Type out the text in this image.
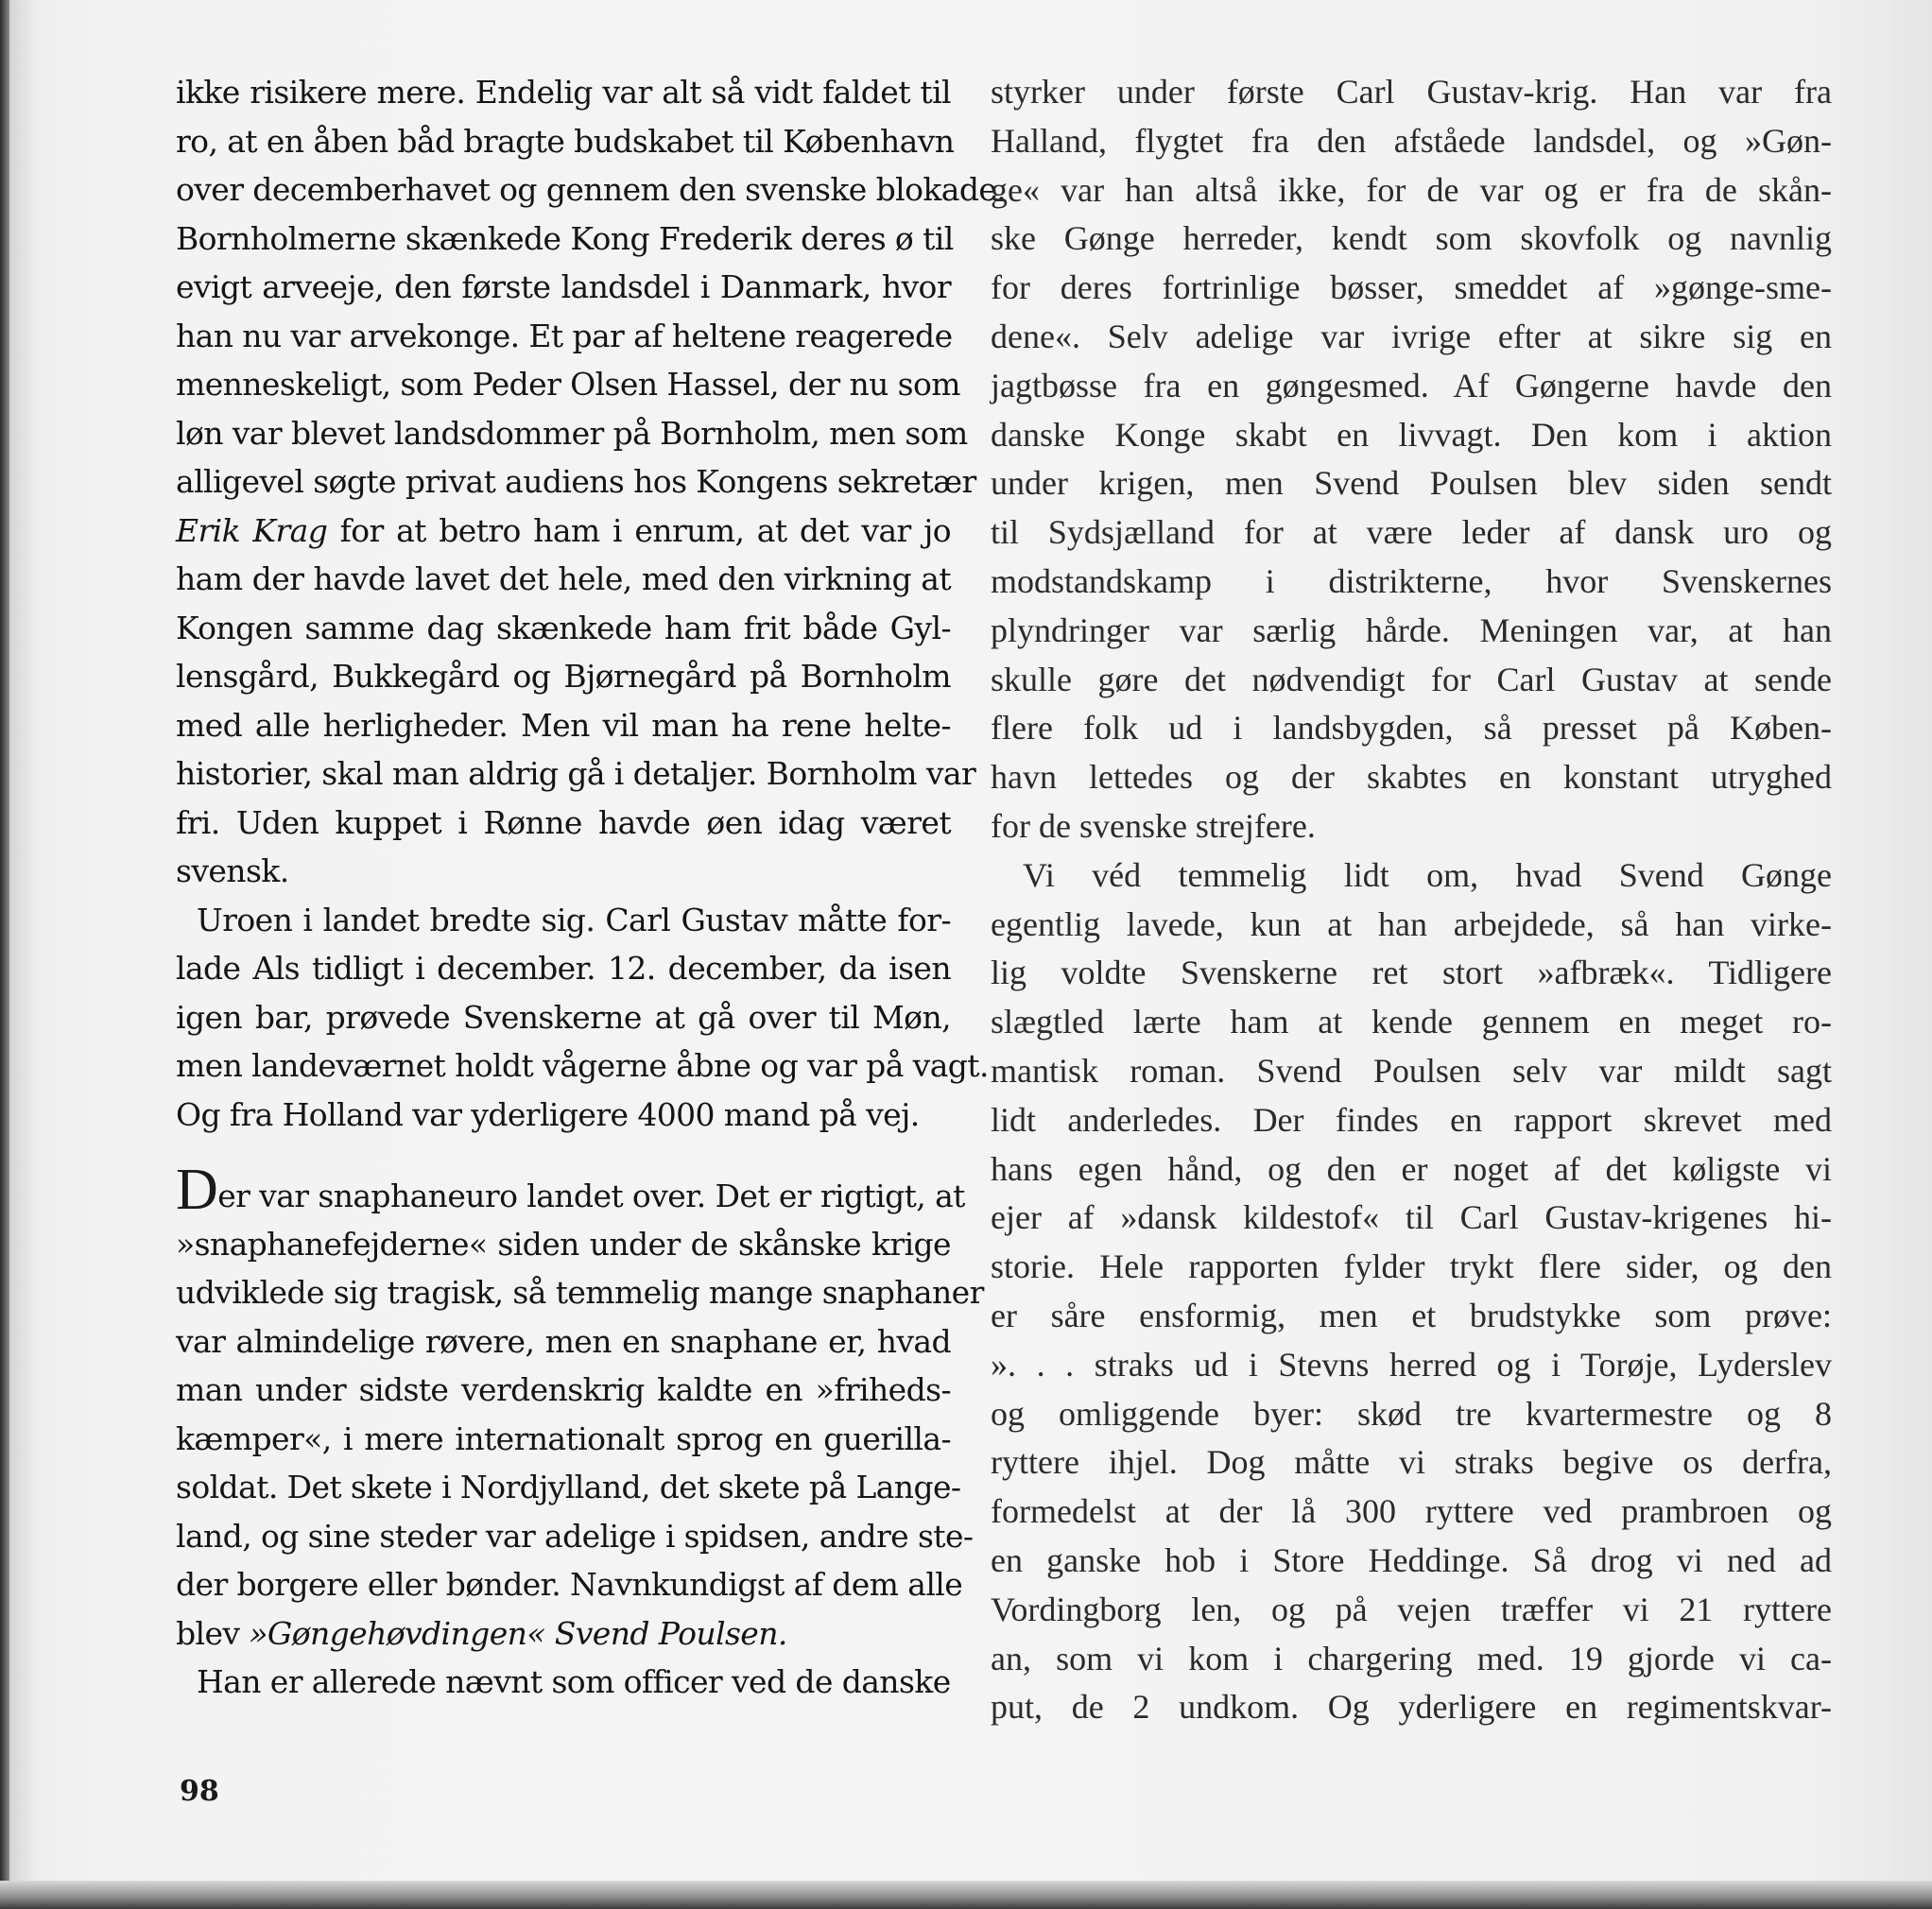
ikke risikere mere. Endelig var alt så vidt faldet til
ro, at en åben båd bragte budskabet til København
over decemberhavet og gennem den svenske blokade.
Bornholmerne skænkede Kong Frederik deres ø til
evigt arveeje, den første landsdel i Danmark, hvor
han nu var arvekonge. Et par af heltene reagerede
menneskeligt, som Peder Olsen Hassel, der nu som
løn var blevet landsdommer på Bornholm, men som
alligevel søgte privat audiens hos Kongens sekretær
Erik Krag for at betro ham i enrum, at det var jo
ham der havde lavet det hele, med den virkning at
Kongen samme dag skænkede ham frit både Gyl-
lensgård, Bukkegård og Bjørnegård på Bornholm
med alle herligheder. Men vil man ha rene helte-
historier, skal man aldrig gå i detaljer. Bornholm var
fri. Uden kuppet i Rønne havde øen idag været
svensk.
Uroen i landet bredte sig. Carl Gustav måtte for-
lade Als tidligt i december. 12. december, da isen
igen bar, prøvede Svenskerne at gå over til Møn,
men landeværnet holdt vågerne åbne og var på vagt.
Og fra Holland var yderligere 4000 mand på vej.
Der var snaphaneuro landet over. Det er rigtigt, at
»snaphanefejderne« siden under de skånske krige
udviklede sig tragisk, så temmelig mange snaphaner
var almindelige røvere, men en snaphane er, hvad
man under sidste verdenskrig kaldte en »friheds-
kæmper«, i mere internationalt sprog en guerilla-
soldat. Det skete i Nordjylland, det skete på Lange-
land, og sine steder var adelige i spidsen, andre ste-
der borgere eller bønder. Navnkundigst af dem alle
blev »Gøngehøvdingen« Svend Poulsen.
Han er allerede nævnt som officer ved de danske
styrker under første Carl Gustav-krig. Han var fra
Halland, flygtet fra den afståede landsdel, og »Gøn-
ge« var han altså ikke, for de var og er fra de skån-
ske Gønge herreder, kendt som skovfolk og navnlig
for deres fortrinlige bøsser, smeddet af »gønge-sme-
dene«. Selv adelige var ivrige efter at sikre sig en
jagtbøsse fra en gøngesmed. Af Gøngerne havde den
danske Konge skabt en livvagt. Den kom i aktion
under krigen, men Svend Poulsen blev siden sendt
til Sydsjælland for at være leder af dansk uro og
modstandskamp i distrikterne, hvor Svenskernes
plyndringer var særlig hårde. Meningen var, at han
skulle gøre det nødvendigt for Carl Gustav at sende
flere folk ud i landsbygden, så presset på Køben-
havn lettedes og der skabtes en konstant utryghed
for de svenske strejfere.
Vi véd temmelig lidt om, hvad Svend Gønge
egentlig lavede, kun at han arbejdede, så han virke-
lig voldte Svenskerne ret stort »afbræk«. Tidligere
slægtled lærte ham at kende gennem en meget ro-
mantisk roman. Svend Poulsen selv var mildt sagt
lidt anderledes. Der findes en rapport skrevet med
hans egen hånd, og den er noget af det køligste vi
ejer af »dansk kildestof« til Carl Gustav-krigenes hi-
storie. Hele rapporten fylder trykt flere sider, og den
er såre ensformig, men et brudstykke som prøve:
». . . straks ud i Stevns herred og i Torøje, Lyderslev
og omliggende byer: skød tre kvartermestre og 8
ryttere ihjel. Dog måtte vi straks begive os derfra,
formedelst at der lå 300 ryttere ved prambroen og
en ganske hob i Store Heddinge. Så drog vi ned ad
Vordingborg len, og på vejen træffer vi 21 ryttere
an, som vi kom i chargering med. 19 gjorde vi ca-
put, de 2 undkom. Og yderligere en regimentskvar-
98
